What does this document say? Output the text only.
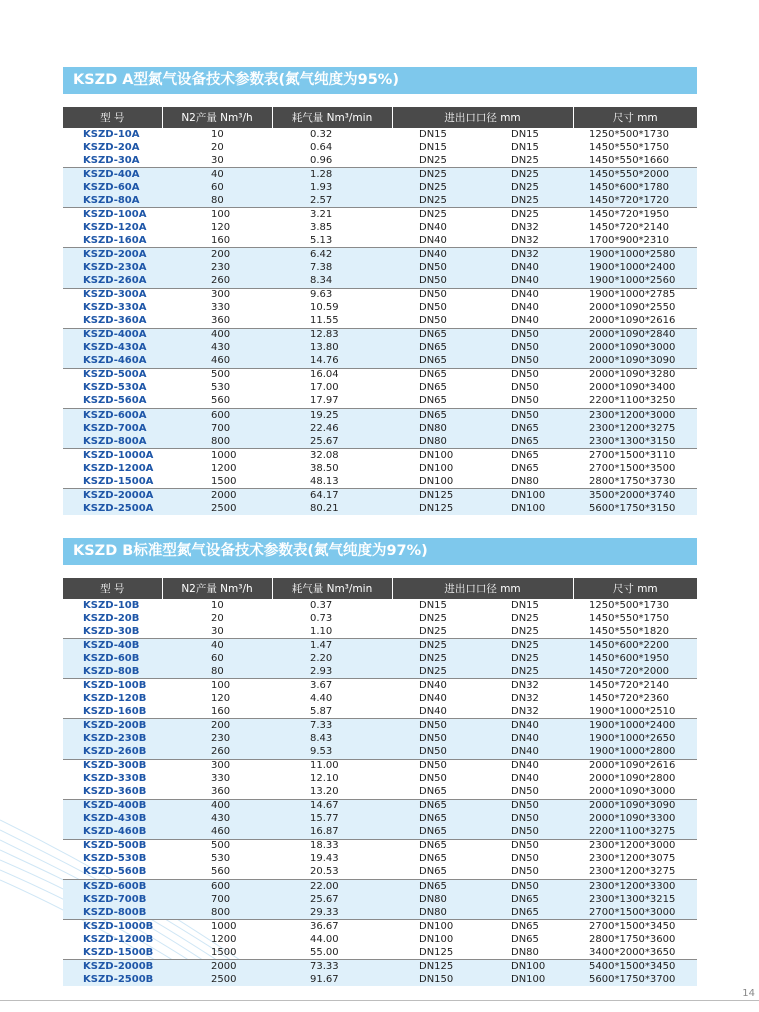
KSZD A型氮气设备技术参数表(氮气纯度为95%)
型 号	N2产量 Nm³/h	耗气量 Nm³/min	进出口口径 mm		尺寸 mm
KSZD-10A	10	0.32	DN15	DN15	1250*500*1730
KSZD-20A	20	0.64	DN15	DN15	1450*550*1750
KSZD-30A	30	0.96	DN25	DN25	1450*550*1660
KSZD-40A	40	1.28	DN25	DN25	1450*550*2000
KSZD-60A	60	1.93	DN25	DN25	1450*600*1780
KSZD-80A	80	2.57	DN25	DN25	1450*720*1720
KSZD-100A	100	3.21	DN25	DN25	1450*720*1950
KSZD-120A	120	3.85	DN40	DN32	1450*720*2140
KSZD-160A	160	5.13	DN40	DN32	1700*900*2310
KSZD-200A	200	6.42	DN40	DN32	1900*1000*2580
KSZD-230A	230	7.38	DN50	DN40	1900*1000*2400
KSZD-260A	260	8.34	DN50	DN40	1900*1000*2560
KSZD-300A	300	9.63	DN50	DN40	1900*1000*2785
KSZD-330A	330	10.59	DN50	DN40	2000*1090*2550
KSZD-360A	360	11.55	DN50	DN40	2000*1090*2616
KSZD-400A	400	12.83	DN65	DN50	2000*1090*2840
KSZD-430A	430	13.80	DN65	DN50	2000*1090*3000
KSZD-460A	460	14.76	DN65	DN50	2000*1090*3090
KSZD-500A	500	16.04	DN65	DN50	2000*1090*3280
KSZD-530A	530	17.00	DN65	DN50	2000*1090*3400
KSZD-560A	560	17.97	DN65	DN50	2200*1100*3250
KSZD-600A	600	19.25	DN65	DN50	2300*1200*3000
KSZD-700A	700	22.46	DN80	DN65	2300*1200*3275
KSZD-800A	800	25.67	DN80	DN65	2300*1300*3150
KSZD-1000A	1000	32.08	DN100	DN65	2700*1500*3110
KSZD-1200A	1200	38.50	DN100	DN65	2700*1500*3500
KSZD-1500A	1500	48.13	DN100	DN80	2800*1750*3730
KSZD-2000A	2000	64.17	DN125	DN100	3500*2000*3740
KSZD-2500A	2500	80.21	DN125	DN100	5600*1750*3150
KSZD B标准型氮气设备技术参数表(氮气纯度为97%)
型 号	N2产量 Nm³/h	耗气量 Nm³/min	进出口口径 mm		尺寸 mm
KSZD-10B	10	0.37	DN15	DN15	1250*500*1730
KSZD-20B	20	0.73	DN25	DN25	1450*550*1750
KSZD-30B	30	1.10	DN25	DN25	1450*550*1820
KSZD-40B	40	1.47	DN25	DN25	1450*600*2200
KSZD-60B	60	2.20	DN25	DN25	1450*600*1950
KSZD-80B	80	2.93	DN25	DN25	1450*720*2000
KSZD-100B	100	3.67	DN40	DN32	1450*720*2140
KSZD-120B	120	4.40	DN40	DN32	1450*720*2360
KSZD-160B	160	5.87	DN40	DN32	1900*1000*2510
KSZD-200B	200	7.33	DN50	DN40	1900*1000*2400
KSZD-230B	230	8.43	DN50	DN40	1900*1000*2650
KSZD-260B	260	9.53	DN50	DN40	1900*1000*2800
KSZD-300B	300	11.00	DN50	DN40	2000*1090*2616
KSZD-330B	330	12.10	DN50	DN40	2000*1090*2800
KSZD-360B	360	13.20	DN65	DN50	2000*1090*3000
KSZD-400B	400	14.67	DN65	DN50	2000*1090*3090
KSZD-430B	430	15.77	DN65	DN50	2000*1090*3300
KSZD-460B	460	16.87	DN65	DN50	2200*1100*3275
KSZD-500B	500	18.33	DN65	DN50	2300*1200*3000
KSZD-530B	530	19.43	DN65	DN50	2300*1200*3075
KSZD-560B	560	20.53	DN65	DN50	2300*1200*3275
KSZD-600B	600	22.00	DN65	DN50	2300*1200*3300
KSZD-700B	700	25.67	DN80	DN65	2300*1300*3215
KSZD-800B	800	29.33	DN80	DN65	2700*1500*3000
KSZD-1000B	1000	36.67	DN100	DN65	2700*1500*3450
KSZD-1200B	1200	44.00	DN100	DN65	2800*1750*3600
KSZD-1500B	1500	55.00	DN125	DN80	3400*2000*3650
KSZD-2000B	2000	73.33	DN125	DN100	5400*1500*3450
KSZD-2500B	2500	91.67	DN150	DN100	5600*1750*3700
14
